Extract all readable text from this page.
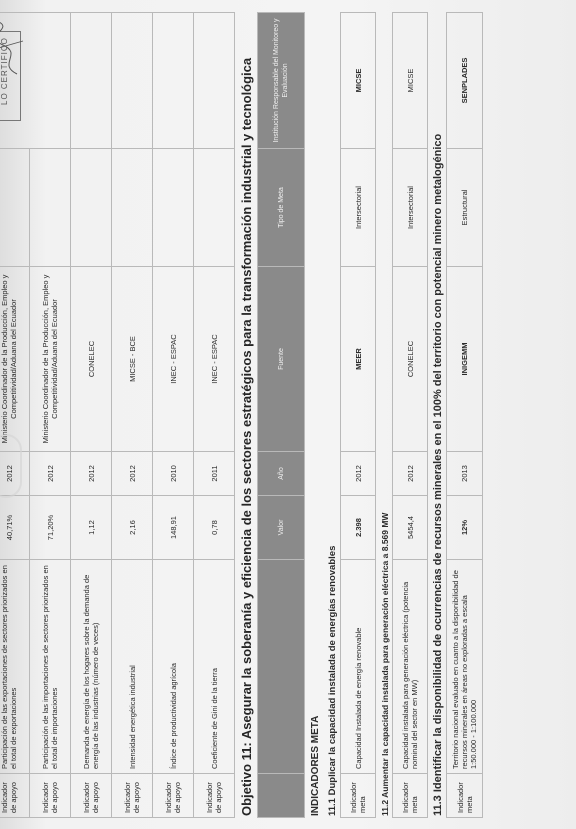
Indicador de apoyo	Participación de las exportaciones de sectores priorizados en el total de exportaciones	40,71%	2012	Ministerio Coordinador de la Producción, Empleo y Competitividad/Aduana del Ecuador		LO CERTIFICO

Indicador de apoyo	Participación de las importaciones de sectores priorizados en el total de importaciones	71,20%	2012	Ministerio Coordinador de la Producción, Empleo y Competitividad/Aduana del Ecuador		
Indicador de apoyo	Demanda de energía de los hogares sobre la demanda de energía de las industrias (número de veces)	1,12	2012	CONELEC		
Indicador de apoyo	Intensidad energética industrial	2,16	2012	MICSE - BCE		
Indicador de apoyo	Índice de productividad agrícola	148,91	2010	INEC - ESPAC		
Indicador de apoyo	Coeficiente de Gini de la tierra	0,78	2011	INEC - ESPAC			Objetivo 11: Asegurar la soberanía y eficiencia de los sectores estratégicos para la transformación industrial y tecnológica
			Valor	Año	Fuente	Tipo de Meta	Institución Responsable del Monitoreo y Evaluación
INDICADORES META 11.1 Duplicar la capacidad instalada de energías renovables Indicador meta	Capacidad Instalada de energía renovable	2.398	2012	MEER	Intersectorial	MICSE
11.2 Aumentar la capacidad instalada para generación eléctrica a 8.569 MW Indicador meta	Capacidad instalada para generación eléctrica (potencia nominal del sector en MW)	5454,4	2012	CONELEC	Intersectorial	MICSE
11.3 Identificar la disponibilidad de ocurrencias de recursos minerales en el 100% del territorio con potencial minero metalogénico Indicador meta	Territorio nacional evaluado en cuanto a la disponibilidad de recursos minerales en áreas no exploradas a escala 1:50.000 - 1:100.000	12%	2013	INIGEMM	Estructural	SENPLADES
